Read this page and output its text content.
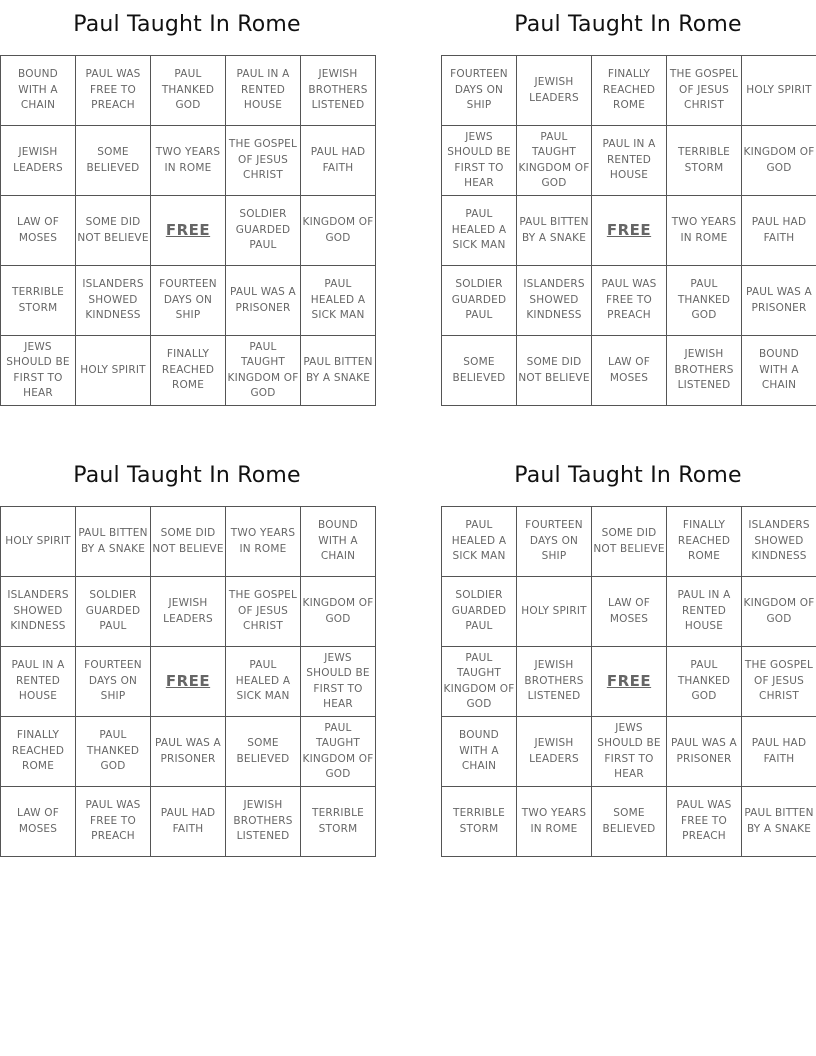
Paul Taught In Rome
BOUND WITH A CHAIN	PAUL WAS FREE TO PREACH	PAUL THANKED GOD	PAUL IN A RENTED HOUSE	JEWISH BROTHERS LISTENED
JEWISH LEADERS	SOME BELIEVED	TWO YEARS IN ROME	THE GOSPEL OF JESUS CHRIST	PAUL HAD FAITH
LAW OF MOSES	SOME DID NOT BELIEVE	FREE	SOLDIER GUARDED PAUL	KINGDOM OF GOD
TERRIBLE STORM	ISLANDERS SHOWED KINDNESS	FOURTEEN DAYS ON SHIP	PAUL WAS A PRISONER	PAUL HEALED A SICK MAN
JEWS SHOULD BE FIRST TO HEAR	HOLY SPIRIT	FINALLY REACHED ROME	PAUL TAUGHT KINGDOM OF GOD	PAUL BITTEN BY A SNAKE
Paul Taught In Rome
FOURTEEN DAYS ON SHIP	JEWISH LEADERS	FINALLY REACHED ROME	THE GOSPEL OF JESUS CHRIST	HOLY SPIRIT
JEWS SHOULD BE FIRST TO HEAR	PAUL TAUGHT KINGDOM OF GOD	PAUL IN A RENTED HOUSE	TERRIBLE STORM	KINGDOM OF GOD
PAUL HEALED A SICK MAN	PAUL BITTEN BY A SNAKE	FREE	TWO YEARS IN ROME	PAUL HAD FAITH
SOLDIER GUARDED PAUL	ISLANDERS SHOWED KINDNESS	PAUL WAS FREE TO PREACH	PAUL THANKED GOD	PAUL WAS A PRISONER
SOME BELIEVED	SOME DID NOT BELIEVE	LAW OF MOSES	JEWISH BROTHERS LISTENED	BOUND WITH A CHAIN
Paul Taught In Rome
HOLY SPIRIT	PAUL BITTEN BY A SNAKE	SOME DID NOT BELIEVE	TWO YEARS IN ROME	BOUND WITH A CHAIN
ISLANDERS SHOWED KINDNESS	SOLDIER GUARDED PAUL	JEWISH LEADERS	THE GOSPEL OF JESUS CHRIST	KINGDOM OF GOD
PAUL IN A RENTED HOUSE	FOURTEEN DAYS ON SHIP	FREE	PAUL HEALED A SICK MAN	JEWS SHOULD BE FIRST TO HEAR
FINALLY REACHED ROME	PAUL THANKED GOD	PAUL WAS A PRISONER	SOME BELIEVED	PAUL TAUGHT KINGDOM OF GOD
LAW OF MOSES	PAUL WAS FREE TO PREACH	PAUL HAD FAITH	JEWISH BROTHERS LISTENED	TERRIBLE STORM
Paul Taught In Rome
PAUL HEALED A SICK MAN	FOURTEEN DAYS ON SHIP	SOME DID NOT BELIEVE	FINALLY REACHED ROME	ISLANDERS SHOWED KINDNESS
SOLDIER GUARDED PAUL	HOLY SPIRIT	LAW OF MOSES	PAUL IN A RENTED HOUSE	KINGDOM OF GOD
PAUL TAUGHT KINGDOM OF GOD	JEWISH BROTHERS LISTENED	FREE	PAUL THANKED GOD	THE GOSPEL OF JESUS CHRIST
BOUND WITH A CHAIN	JEWISH LEADERS	JEWS SHOULD BE FIRST TO HEAR	PAUL WAS A PRISONER	PAUL HAD FAITH
TERRIBLE STORM	TWO YEARS IN ROME	SOME BELIEVED	PAUL WAS FREE TO PREACH	PAUL BITTEN BY A SNAKE
